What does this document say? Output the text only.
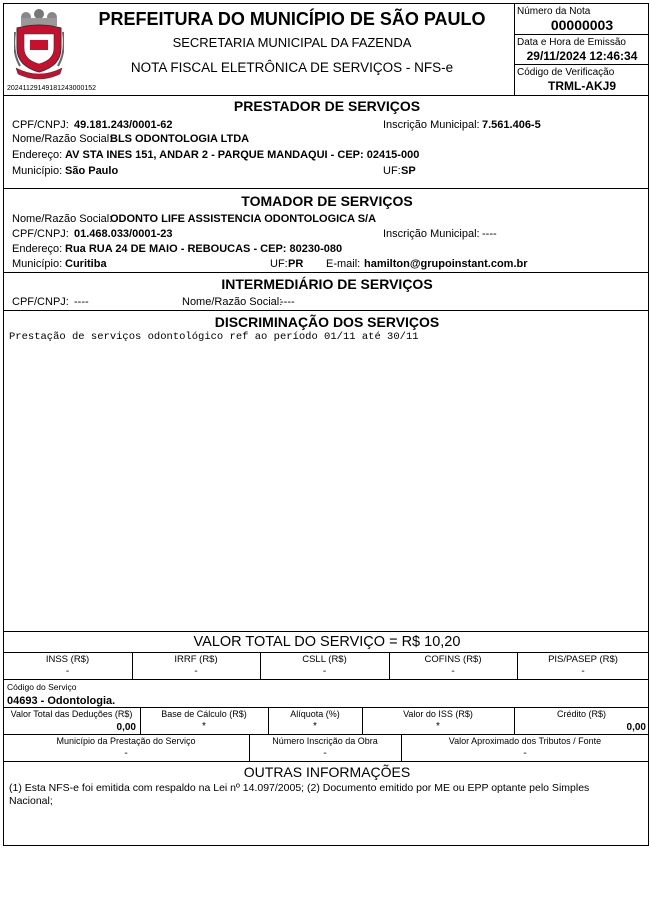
20241129149181243000152
PREFEITURA DO MUNICÍPIO DE SÃO PAULO
SECRETARIA MUNICIPAL DA FAZENDA
NOTA FISCAL ELETRÔNICA DE SERVIÇOS - NFS-e
Número da Nota
00000003
Data e Hora de Emissão
29/11/2024 12:46:34
Código de Verificação
TRML-AKJ9
PRESTADOR DE SERVIÇOS
CPF/CNPJ: 49.181.243/0001-62	Inscrição Municipal: 7.561.406-5
Nome/Razão Social:
BLS ODONTOLOGIA LTDA
Endereço: AV STA INES 151, ANDAR 2 - PARQUE MANDAQUI - CEP: 02415-000
Município: São Paulo	UF: SP
TOMADOR DE SERVIÇOS
Nome/Razão Social:
ODONTO LIFE ASSISTENCIA ODONTOLOGICA S/A
CPF/CNPJ: 01.468.033/0001-23	Inscrição Municipal: ----
Endereço: Rua RUA 24 DE MAIO - REBOUCAS - CEP: 80230-080
Município: Curitiba	UF: PR E-mail: hamilton@grupoinstant.com.br
INTERMEDIÁRIO DE SERVIÇOS
CPF/CNPJ: ----	Nome/Razão Social:
----
DISCRIMINAÇÃO DOS SERVIÇOS
Prestação de serviços odontológico ref ao período 01/11 até 30/11
VALOR TOTAL DO SERVIÇO = R$ 10,20
INSS (R$)
-
IRRF (R$)
-
CSLL (R$)
-
COFINS (R$)
-
PIS/PASEP (R$)
-
Código do Serviço
04693 - Odontologia.
Valor Total das Deduções (R$)
0,00
Base de Cálculo (R$)
*
Alíquota (%)
*
Valor do ISS (R$)
*
Crédito (R$)
0,00
Município da Prestação do Serviço
-
Número Inscrição da Obra
-
Valor Aproximado dos Tributos / Fonte
-
OUTRAS INFORMAÇÕES
(1) Esta NFS-e foi emitida com respaldo na Lei nº 14.097/2005; (2) Documento emitido por ME ou EPP optante pelo Simples Nacional;
